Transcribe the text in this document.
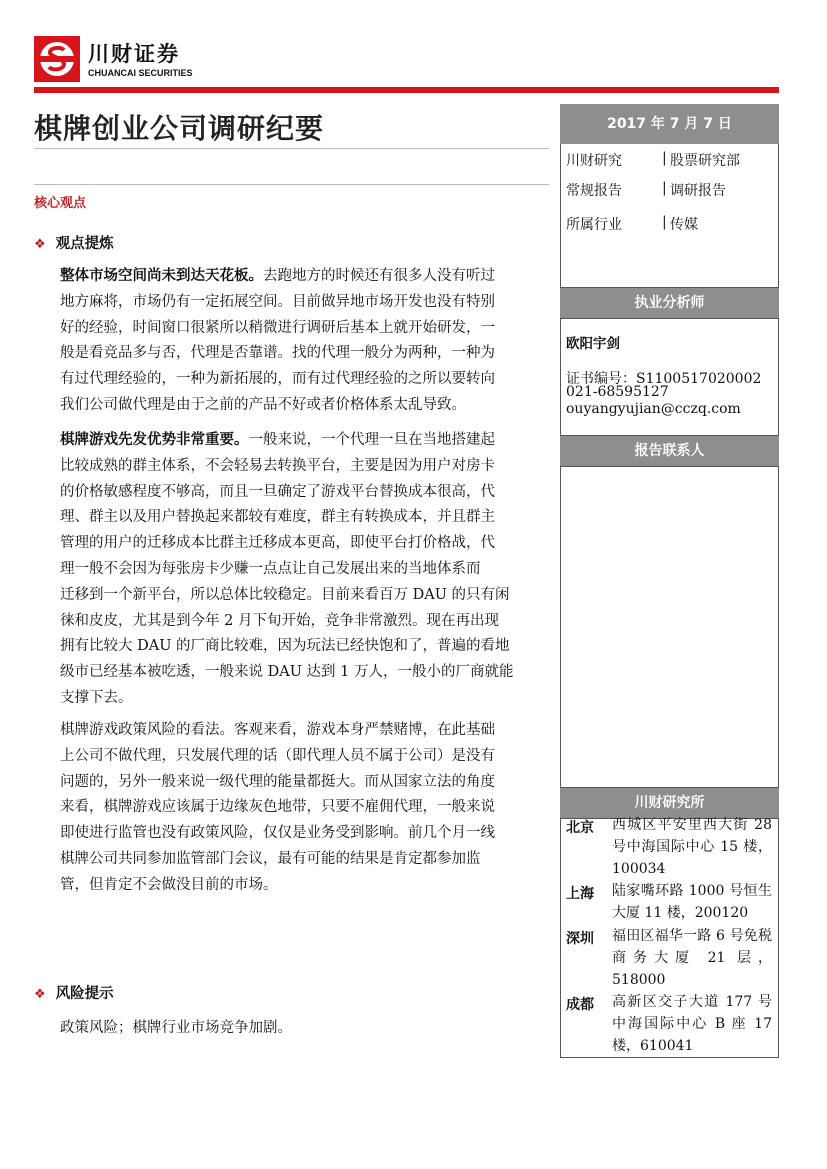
川财证券
CHUANCAI SECURITIES
棋牌创业公司调研纪要
核心观点
❖ 观点提炼
整体市场空间尚未到达天花板。去跑地方的时候还有很多人没有听过
地方麻将，市场仍有一定拓展空间。目前做异地市场开发也没有特别
好的经验，时间窗口很紧所以稍微进行调研后基本上就开始研发，一
般是看竞品多与否，代理是否靠谱。找的代理一般分为两种，一种为
有过代理经验的，一种为新拓展的，而有过代理经验的之所以要转向
我们公司做代理是由于之前的产品不好或者价格体系太乱导致。
棋牌游戏先发优势非常重要。一般来说，一个代理一旦在当地搭建起
比较成熟的群主体系，不会轻易去转换平台，主要是因为用户对房卡
的价格敏感程度不够高，而且一旦确定了游戏平台替换成本很高，代
理、群主以及用户替换起来都较有难度，群主有转换成本，并且群主
管理的用户的迁移成本比群主迁移成本更高，即使平台打价格战，代
理一般不会因为每张房卡少赚一点点让自己发展出来的当地体系而
迁移到一个新平台，所以总体比较稳定。目前来看百万 DAU 的只有闲
徕和皮皮，尤其是到今年 2 月下旬开始，竞争非常激烈。现在再出现
拥有比较大 DAU 的厂商比较难，因为玩法已经快饱和了，普遍的看地
级市已经基本被吃透，一般来说 DAU 达到 1 万人，一般小的厂商就能
支撑下去。
棋牌游戏政策风险的看法。客观来看，游戏本身严禁赌博，在此基础
上公司不做代理，只发展代理的话（即代理人员不属于公司）是没有
问题的，另外一般来说一级代理的能量都挺大。而从国家立法的角度
来看，棋牌游戏应该属于边缘灰色地带，只要不雇佣代理，一般来说
即使进行监管也没有政策风险，仅仅是业务受到影响。前几个月一线
棋牌公司共同参加监管部门会议，最有可能的结果是肯定都参加监
管，但肯定不会做没目前的市场。
❖ 风险提示
政策风险；棋牌行业市场竞争加剧。
2017 年 7 月 7 日
川财研究	| 股票研究部
常规报告	| 调研报告
所属行业	| 传媒
执业分析师
欧阳宇剑
证书编号：S1100517020002
021-68595127
ouyangyujian@cczq.com
报告联系人
川财研究所
北京 西城区平安里西大街 28 号中海国际中心 15 楼，100034
上海 陆家嘴环路 1000 号恒生大厦 11 楼，200120
深圳 福田区福华一路 6 号免税商务大厦 21 层，518000
成都 高新区交子大道 177 号中海国际中心 B 座 17 楼，610041
